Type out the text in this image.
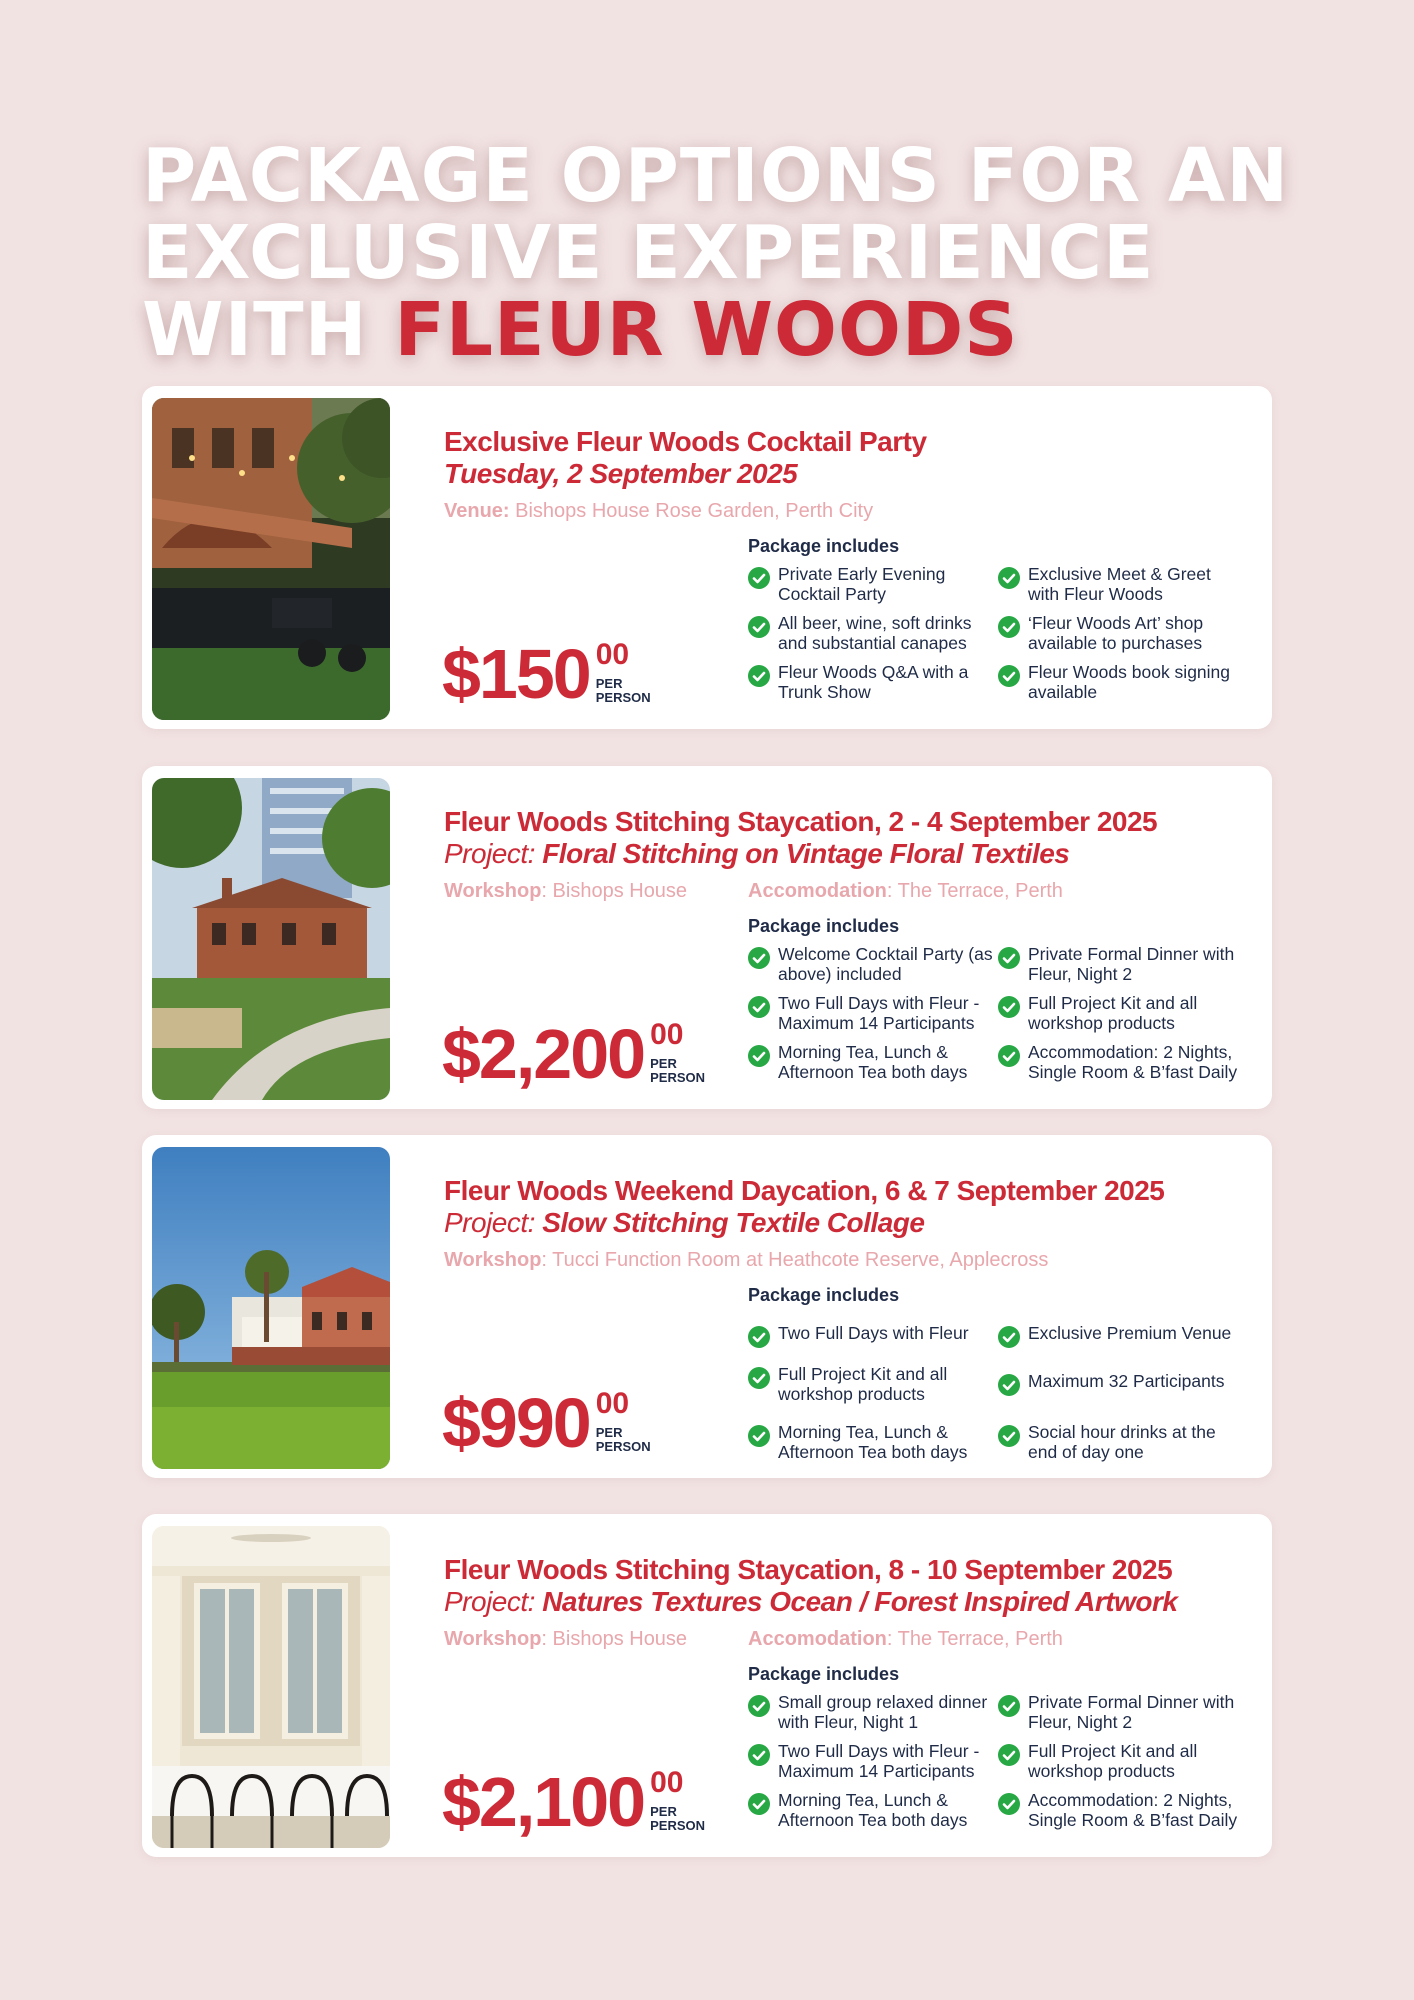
PACKAGE OPTIONS FOR AN
EXCLUSIVE EXPERIENCE
WITH FLEUR WOODS
Exclusive Fleur Woods Cocktail Party
Tuesday, 2 September 2025
Venue: Bishops House Rose Garden, Perth City
Package includes
Private Early Evening Cocktail Party
Exclusive Meet & Greet with Fleur Woods
All beer, wine, soft drinks and substantial canapes
‘Fleur Woods Art’ shop available to purchases
Fleur Woods Q&A with a Trunk Show
Fleur Woods book signing available
$150 00
PER PERSON
Fleur Woods Stitching Staycation, 2 - 4 September 2025
Project: Floral Stitching on Vintage Floral Textiles
Workshop: Bishops House	Accomodation: The Terrace, Perth
Package includes
Welcome Cocktail Party (as above) included
Private Formal Dinner with Fleur, Night 2
Two Full Days with Fleur - Maximum 14 Participants
Full Project Kit and all workshop products
Morning Tea, Lunch & Afternoon Tea both days
Accommodation: 2 Nights, Single Room & B’fast Daily
$2,200 00
PER PERSON
Fleur Woods Weekend Daycation, 6 & 7 September 2025
Project: Slow Stitching Textile Collage
Workshop: Tucci Function Room at Heathcote Reserve, Applecross
Package includes
Two Full Days with Fleur	Exclusive Premium Venue
Full Project Kit and all workshop products
Maximum 32 Participants
Morning Tea, Lunch & Afternoon Tea both days
Social hour drinks at the end of day one
$990 00
PER PERSON
Fleur Woods Stitching Staycation, 8 - 10 September 2025
Project: Natures Textures Ocean / Forest Inspired Artwork
Workshop: Bishops House	Accomodation: The Terrace, Perth
Package includes
Small group relaxed dinner with Fleur, Night 1
Private Formal Dinner with Fleur, Night 2
Two Full Days with Fleur - Maximum 14 Participants
Full Project Kit and all workshop products
Morning Tea, Lunch & Afternoon Tea both days
Accommodation: 2 Nights, Single Room & B’fast Daily
$2,100 00
PER PERSON
